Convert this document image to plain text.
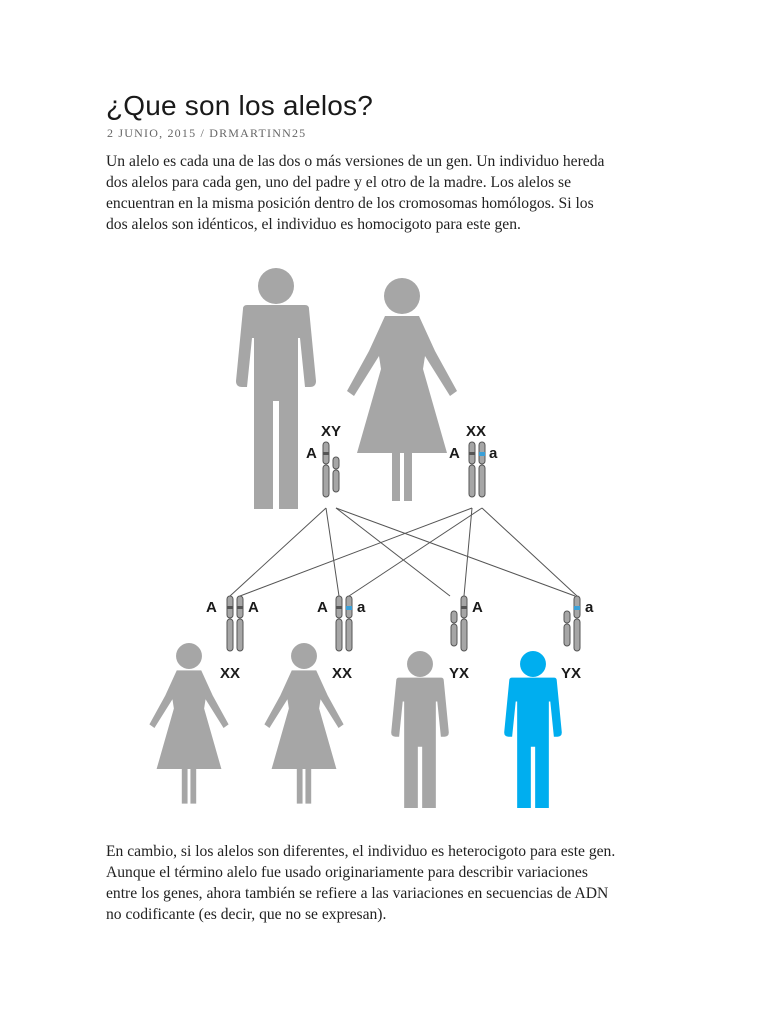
¿Que son los alelos?
2 JUNIO, 2015 / DRMARTINN25

Un alelo es cada una de las dos o más versiones de un gen. Un individuo hereda
dos alelos para cada gen, uno del padre y el otro de la madre. Los alelos se
encuentran en la misma posición dentro de los cromosomas homólogos. Si los
dos alelos son idénticos, el individuo es homocigoto para este gen.

XY
A
XX
A a
A A	A a	A	a
XX	XX	YX	YX

En cambio, si los alelos son diferentes, el individuo es heterocigoto para este gen.
Aunque el término alelo fue usado originariamente para describir variaciones
entre los genes, ahora también se refiere a las variaciones en secuencias de ADN
no codificante (es decir, que no se expresan).
